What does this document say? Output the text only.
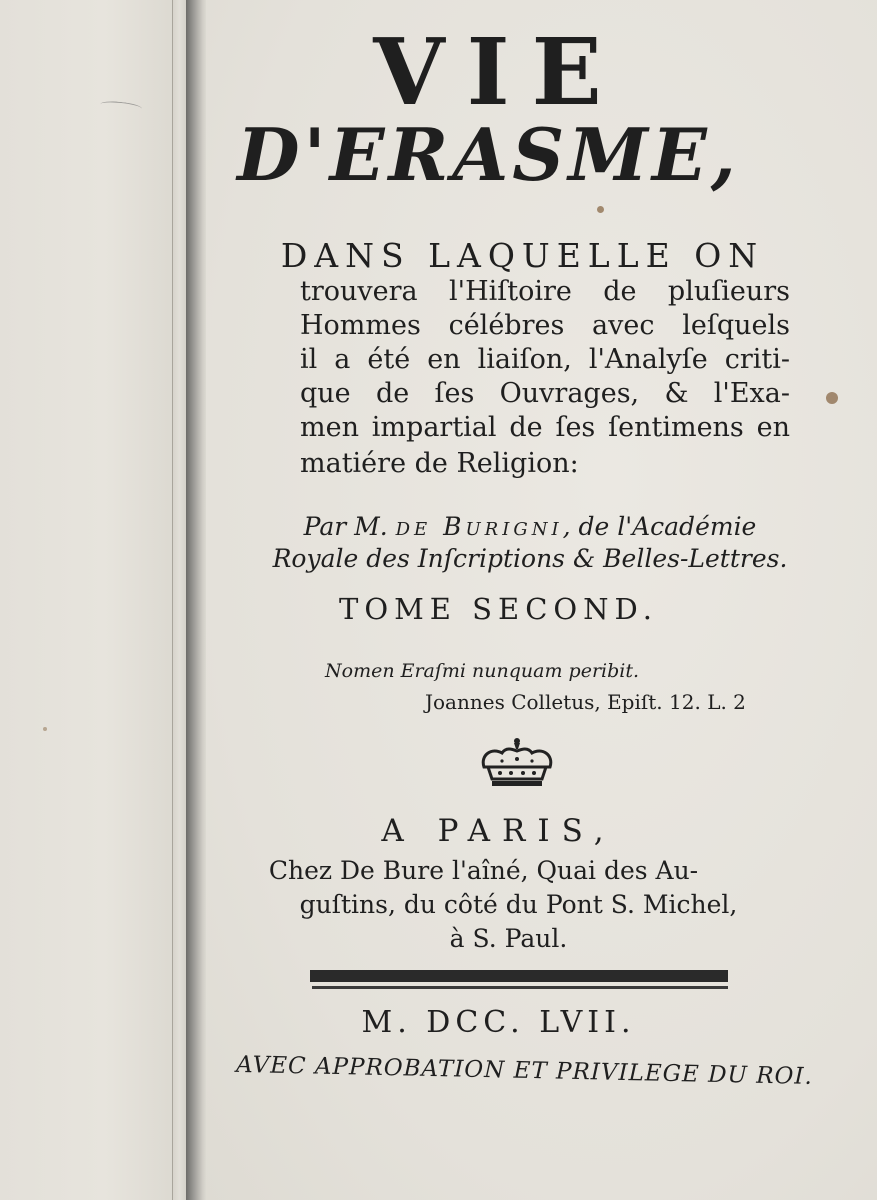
VIE
D'ERASME,
DANS LAQUELLE ON
trouvera l'Hiſtoire de pluſieurs
Hommes célébres avec leſquels
il a été en liaiſon, l'Analyſe criti-
que de ſes Ouvrages, & l'Exa-
men impartial de ſes ſentimens en
matiére de Religion:
Par M. de Burigni, de l'Académie
Royale des Inſcriptions & Belles-Lettres.
TOME SECOND.
Nomen Eraſmi nunquam peribit.
Joannes Colletus, Epiſt. 12. L. 2
A PARIS,
Chez De Bure l'aîné, Quai des Au-
guſtins, du côté du Pont S. Michel,
à S. Paul.
M. DCC. LVII.
AVEC APPROBATION ET PRIVILEGE DU ROI.
